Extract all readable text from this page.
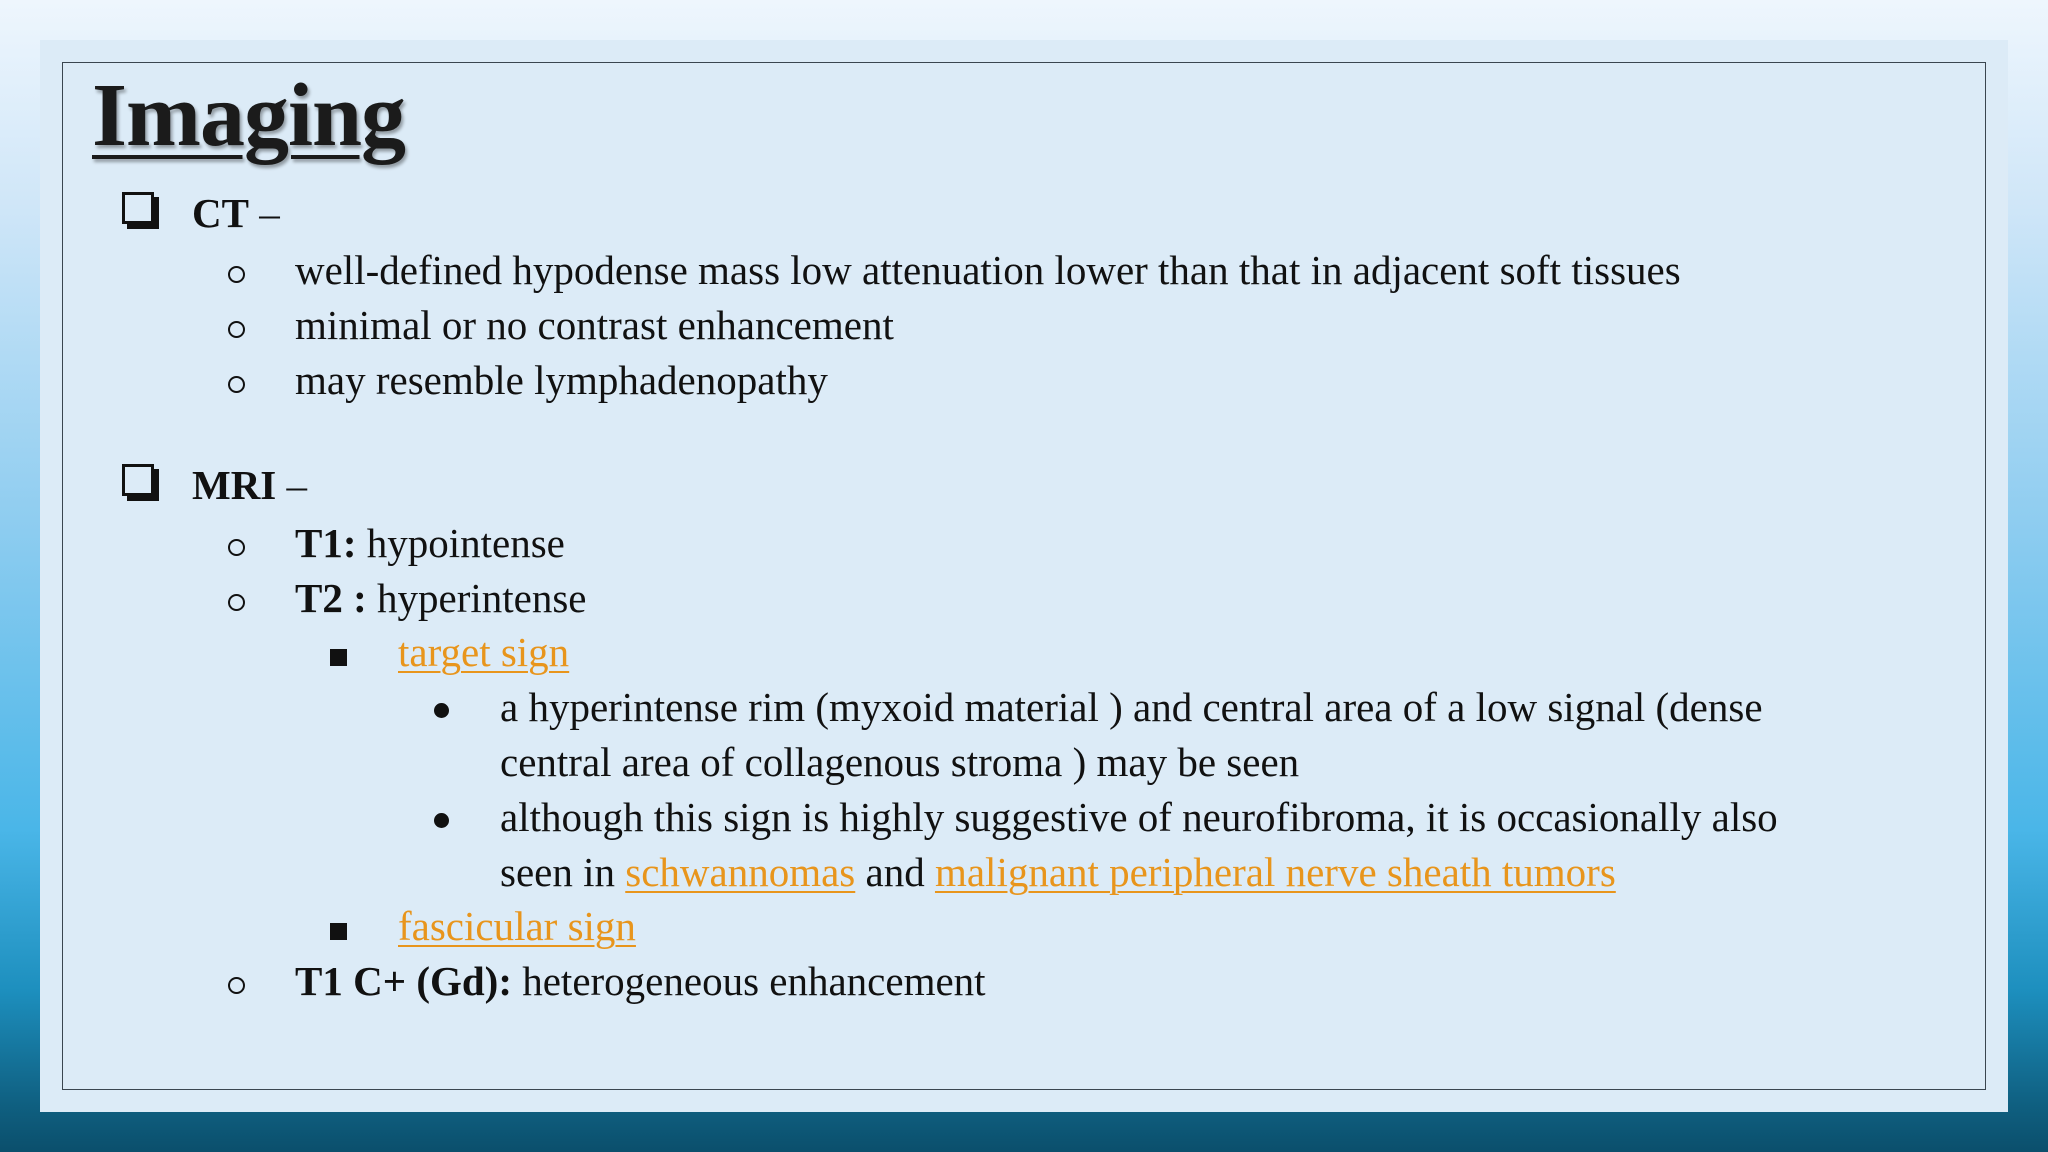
Imaging
CT –
well-defined hypodense mass low attenuation lower than that in adjacent soft tissues
minimal or no contrast enhancement
may resemble lymphadenopathy
MRI –
T1: hypointense
T2 : hyperintense
target sign
a hyperintense rim (myxoid material ) and central area of a low signal (dense
central area of collagenous stroma ) may be seen
although this sign is highly suggestive of neurofibroma, it is occasionally also
seen in schwannomas and malignant peripheral nerve sheath tumors
fascicular sign
T1 C+ (Gd): heterogeneous enhancement
